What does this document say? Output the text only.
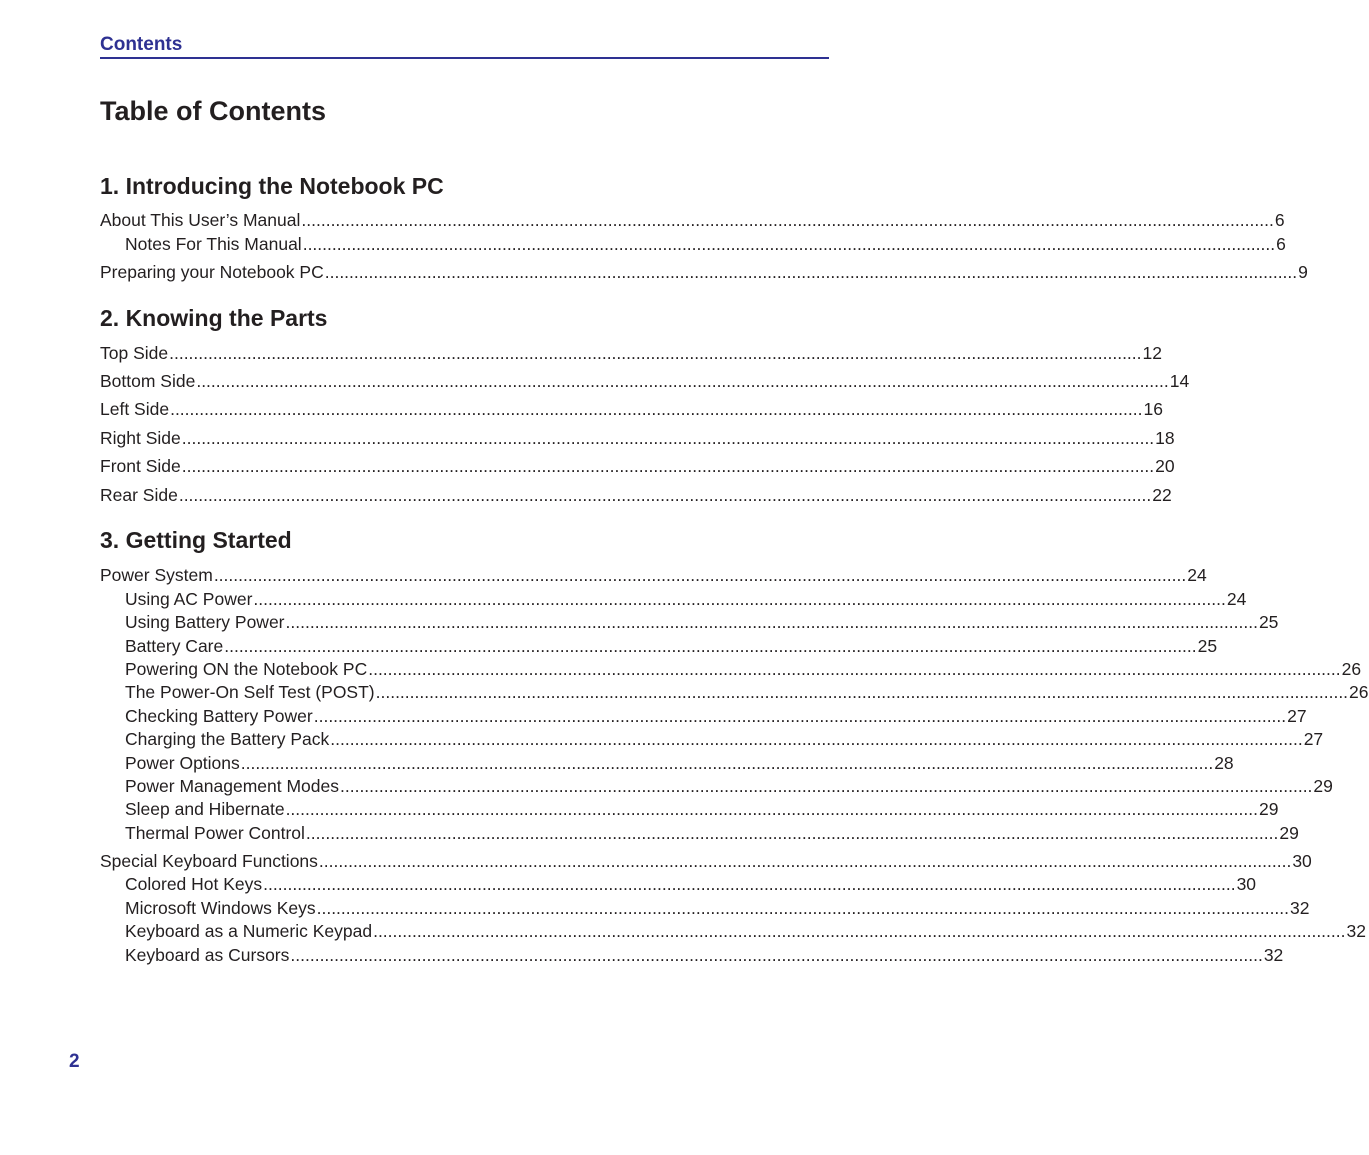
Contents
Table of Contents
1. Introducing the Notebook PC
About This User’s Manual ........................................................................................................................................................................................................ 6
Notes For This Manual ........................................................................................................................................................................................................ 6
Preparing your Notebook PC ........................................................................................................................................................................................................ 9
2. Knowing the Parts
Top Side ........................................................................................................................................................................................................ 12
Bottom Side ........................................................................................................................................................................................................ 14
Left Side ........................................................................................................................................................................................................ 16
Right Side ........................................................................................................................................................................................................ 18
Front Side ........................................................................................................................................................................................................ 20
Rear Side ........................................................................................................................................................................................................ 22
3. Getting Started
Power System ........................................................................................................................................................................................................ 24
Using AC Power ........................................................................................................................................................................................................ 24
Using Battery Power ........................................................................................................................................................................................................ 25
Battery Care ........................................................................................................................................................................................................ 25
Powering ON the Notebook PC ........................................................................................................................................................................................................ 26
The Power-On Self Test (POST) ........................................................................................................................................................................................................ 26
Checking Battery Power ........................................................................................................................................................................................................ 27
Charging the Battery Pack ........................................................................................................................................................................................................ 27
Power Options ........................................................................................................................................................................................................ 28
Power Management Modes ........................................................................................................................................................................................................ 29
Sleep and Hibernate ........................................................................................................................................................................................................ 29
Thermal Power Control ........................................................................................................................................................................................................ 29
Special Keyboard Functions ........................................................................................................................................................................................................ 30
Colored Hot Keys ........................................................................................................................................................................................................ 30
Microsoft Windows Keys ........................................................................................................................................................................................................ 32
Keyboard as a Numeric Keypad ........................................................................................................................................................................................................ 32
Keyboard as Cursors ........................................................................................................................................................................................................ 32
2
